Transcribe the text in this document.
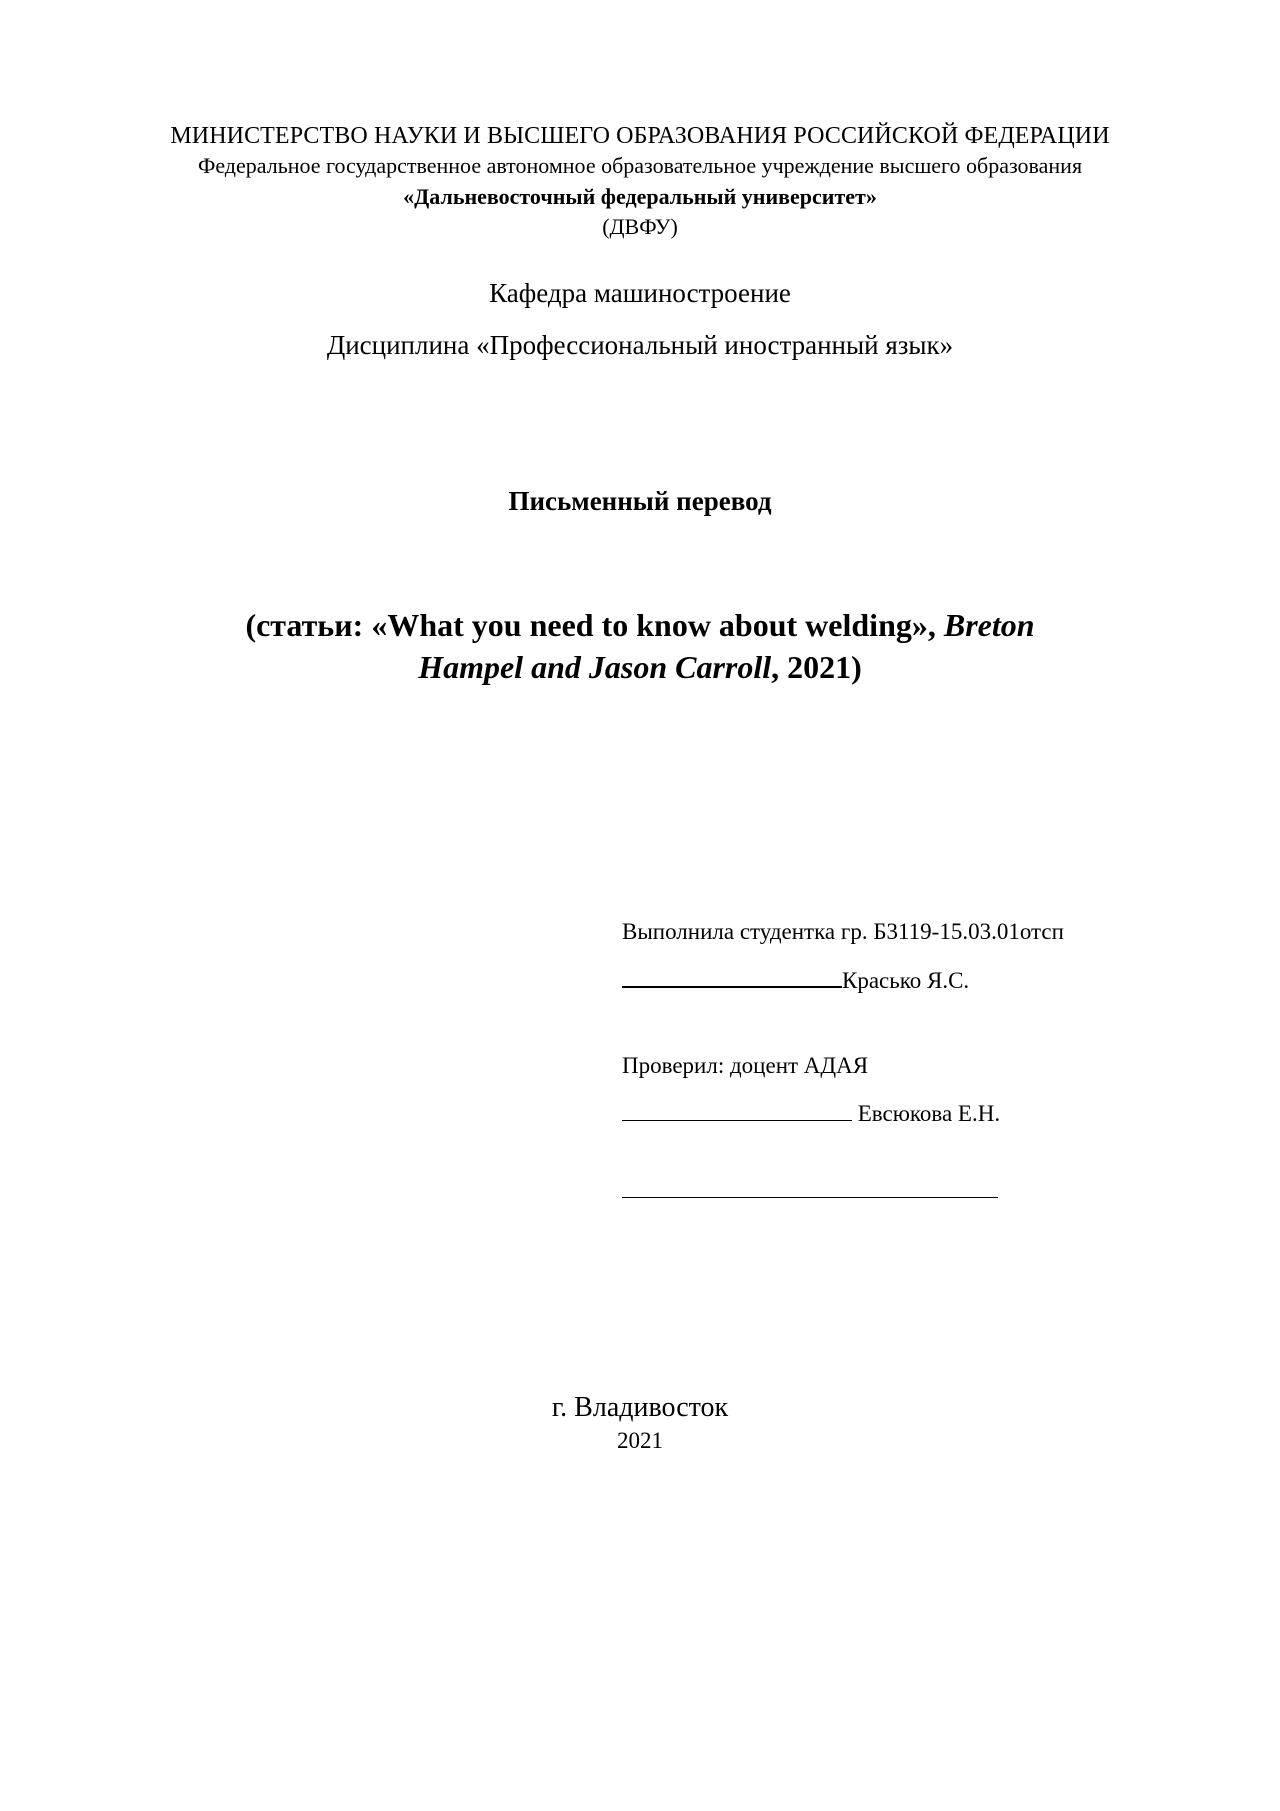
МИНИСТЕРСТВО НАУКИ И ВЫСШЕГО ОБРАЗОВАНИЯ РОССИЙСКОЙ ФЕДЕРАЦИИ
Федеральное государственное автономное образовательное учреждение высшего образования
«Дальневосточный федеральный университет»
(ДВФУ)
Кафедра машиностроение
Дисциплина «Профессиональный иностранный язык»
Письменный перевод
(статьи: «What you need to know about welding», Breton
Hampel and Jason Carroll, 2021)
Выполнила студентка гр. Б3119-15.03.01отсп
Красько Я.С.
Проверил: доцент АДАЯ
Евсюкова Е.Н.
г. Владивосток
2021
